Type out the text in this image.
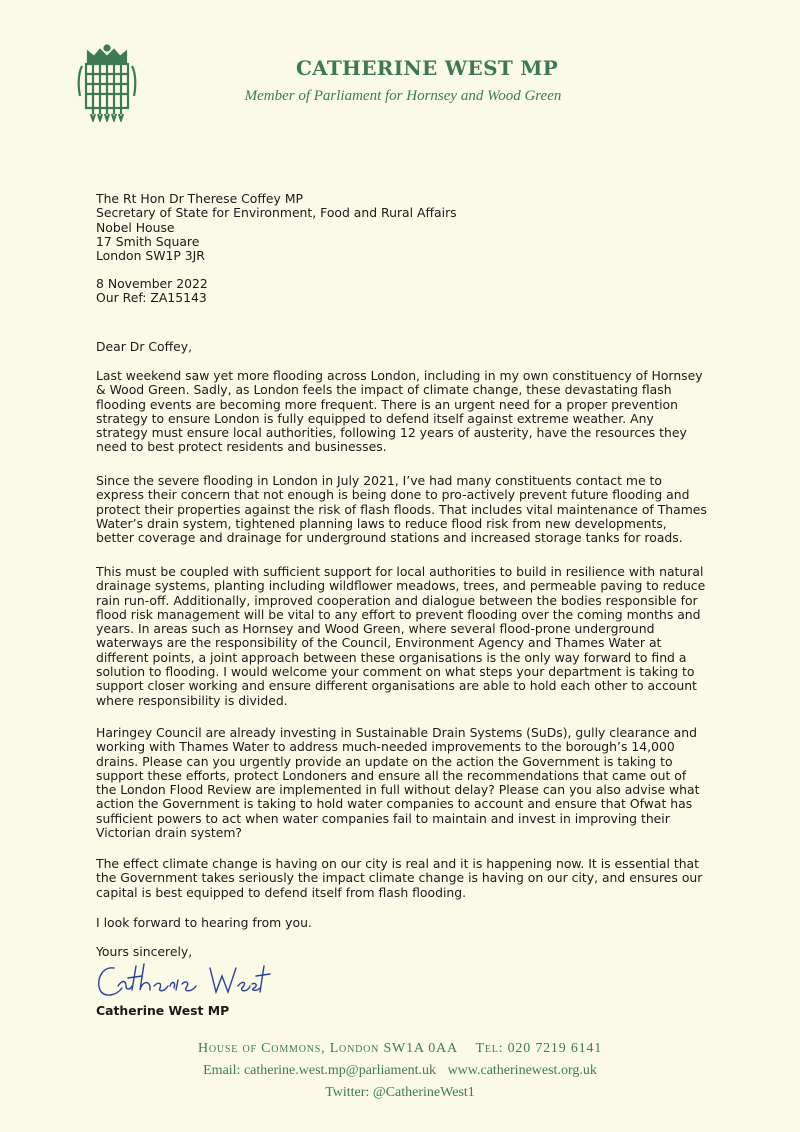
CATHERINE WEST MP
Member of Parliament for Hornsey and Wood Green
The Rt Hon Dr Therese Coffey MP
Secretary of State for Environment, Food and Rural Affairs
Nobel House
17 Smith Square
London SW1P 3JR
8 November 2022
Our Ref: ZA15143
Dear Dr Coffey,

Last weekend saw yet more flooding across London, including in my own constituency of Hornsey & Wood Green. Sadly, as London feels the impact of climate change, these devastating flash flooding events are becoming more frequent. There is an urgent need for a proper prevention strategy to ensure London is fully equipped to defend itself against extreme weather. Any strategy must ensure local authorities, following 12 years of austerity, have the resources they need to best protect residents and businesses.

Since the severe flooding in London in July 2021, I’ve had many constituents contact me to express their concern that not enough is being done to pro-actively prevent future flooding and protect their properties against the risk of flash floods. That includes vital maintenance of Thames Water’s drain system, tightened planning laws to reduce flood risk from new developments, better coverage and drainage for underground stations and increased storage tanks for roads.

This must be coupled with sufficient support for local authorities to build in resilience with natural drainage systems, planting including wildflower meadows, trees, and permeable paving to reduce rain run-off. Additionally, improved cooperation and dialogue between the bodies responsible for flood risk management will be vital to any effort to prevent flooding over the coming months and years. In areas such as Hornsey and Wood Green, where several flood-prone underground waterways are the responsibility of the Council, Environment Agency and Thames Water at different points, a joint approach between these organisations is the only way forward to find a solution to flooding. I would welcome your comment on what steps your department is taking to support closer working and ensure different organisations are able to hold each other to account where responsibility is divided.

Haringey Council are already investing in Sustainable Drain Systems (SuDs), gully clearance and working with Thames Water to address much-needed improvements to the borough’s 14,000 drains. Please can you urgently provide an update on the action the Government is taking to support these efforts, protect Londoners and ensure all the recommendations that came out of the London Flood Review are implemented in full without delay? Please can you also advise what action the Government is taking to hold water companies to account and ensure that Ofwat has sufficient powers to act when water companies fail to maintain and invest in improving their Victorian drain system?

The effect climate change is having on our city is real and it is happening now. It is essential that the Government takes seriously the impact climate change is having on our city, and ensures our capital is best equipped to defend itself from flash flooding.

I look forward to hearing from you.

Yours sincerely,

Catherine West MP
House of Commons, London SW1A 0AA Tel: 020 7219 6141
Email: catherine.west.mp@parliament.uk www.catherinewest.org.uk
Twitter: @CatherineWest1
